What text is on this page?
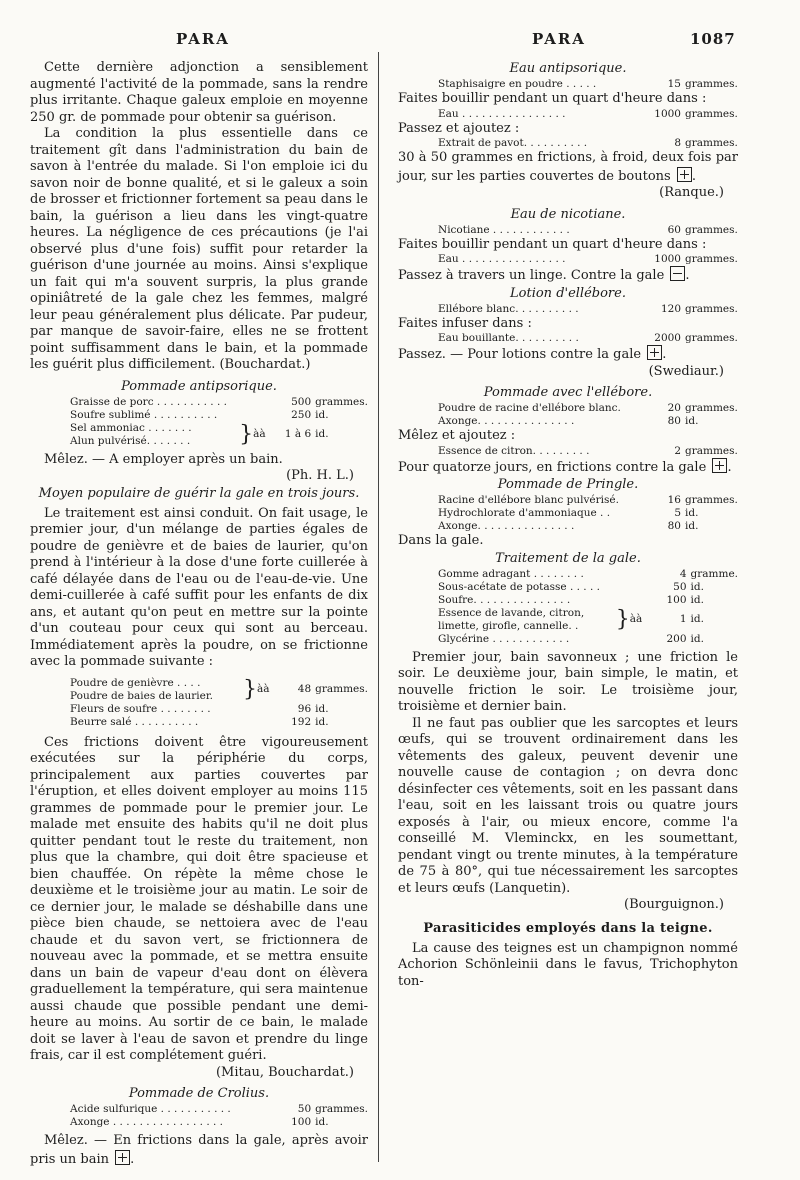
PARA	PARA	1087

Cette dernière adjonction a sensiblement augmenté l'activité de la pommade, sans la rendre plus irritante. Chaque galeux emploie en moyenne 250 gr. de pommade pour obtenir sa guérison.

La condition la plus essentielle dans ce traitement gît dans l'administration du bain de savon à l'entrée du malade. Si l'on emploie ici du savon noir de bonne qualité, et si le galeux a soin de brosser et frictionner fortement sa peau dans le bain, la guérison a lieu dans les vingt-quatre heures. La négligence de ces précautions (je l'ai observé plus d'une fois) suffit pour retarder la guérison d'une journée au moins. Ainsi s'explique un fait qui m'a souvent surpris, la plus grande opiniâtreté de la gale chez les femmes, malgré leur peau généralement plus délicate. Par pudeur, par manque de savoir-faire, elles ne se frottent point suffisamment dans le bain, et la pommade les guérit plus difficilement. (Bouchardat.)

Pommade antipsorique.

Graisse de porc . . . . . . . . . . .			500	grammes.
Soufre sublimé . . . . . . . . . .			250	id.
Sel ammoniac . . . . . . .	}	àà	1 à 6	id.
Alun pulvérisé. . . . . . .				

Mêlez. — A employer après un bain.

(Ph. H. L.)

Moyen populaire de guérir la gale en trois jours.

Le traitement est ainsi conduit. On fait usage, le premier jour, d'un mélange de parties égales de poudre de genièvre et de baies de laurier, qu'on prend à l'intérieur à la dose d'une forte cuillerée à café délayée dans de l'eau ou de l'eau-de-vie. Une demi-cuillerée à café suffit pour les enfants de dix ans, et autant qu'on peut en mettre sur la pointe d'un couteau pour ceux qui sont au berceau. Immédiatement après la poudre, on se frictionne avec la pommade suivante :

Poudre de genièvre . . . .	}	àà	48	grammes.
Poudre de baies de laurier.				
Fleurs de soufre . . . . . . . .			96	id.
Beurre salé . . . . . . . . . .			192	id.

Ces frictions doivent être vigoureusement exécutées sur la périphérie du corps, principalement aux parties couvertes par l'éruption, et elles doivent employer au moins 115 grammes de pommade pour le premier jour. Le malade met ensuite des habits qu'il ne doit plus quitter pendant tout le reste du traitement, non plus que la chambre, qui doit être spacieuse et bien chauffée. On répète la même chose le deuxième et le troisième jour au matin. Le soir de ce dernier jour, le malade se déshabille dans une pièce bien chaude, se nettoiera avec de l'eau chaude et du savon vert, se frictionnera de nouveau avec la pommade, et se mettra ensuite dans un bain de vapeur d'eau dont on élèvera graduellement la température, qui sera maintenue aussi chaude que possible pendant une demi-heure au moins. Au sortir de ce bain, le malade doit se laver à l'eau de savon et prendre du linge frais, car il est complétement guéri.

(Mitau, Bouchardat.)

Pommade de Crolius.

Acide sulfurique . . . . . . . . . . .	50	grammes.
Axonge . . . . . . . . . . . . . . . . .	100	id.

Mêlez. — En frictions dans la gale, après avoir pris un bain .

Eau antipsorique.

Staphisaigre en poudre . . . . .	15	grammes.

Faites bouillir pendant un quart d'heure dans :

Eau . . . . . . . . . . . . . . . .	1000	grammes.

Passez et ajoutez :

Extrait de pavot. . . . . . . . . .	8	grammes.

30 à 50 grammes en frictions, à froid, deux fois par jour, sur les parties couvertes de boutons .

(Ranque.)

Eau de nicotiane.

Nicotiane . . . . . . . . . . . .	60	grammes.

Faites bouillir pendant un quart d'heure dans :

Eau . . . . . . . . . . . . . . . .	1000	grammes.

Passez à travers un linge. Contre la gale .

Lotion d'ellébore.

Ellébore blanc. . . . . . . . . .	120	grammes.

Faites infuser dans :

Eau bouillante. . . . . . . . . .	2000	grammes.

Passez. — Pour lotions contre la gale .

(Swediaur.)

Pommade avec l'ellébore.

Poudre de racine d'ellébore blanc.	20	grammes.
Axonge. . . . . . . . . . . . . . .	80	id.

Mêlez et ajoutez :

Essence de citron. . . . . . . . .	2	grammes.

Pour quatorze jours, en frictions contre la gale .

Pommade de Pringle.

Racine d'ellébore blanc pulvérisé.	16	grammes.
Hydrochlorate d'ammoniaque . .	5	id.
Axonge. . . . . . . . . . . . . . .	80	id.

Dans la gale.

Traitement de la gale.

Gomme adragant . . . . . . . .			4	gramme.
Sous-acétate de potasse . . . . .			50	id.
Soufre. . . . . . . . . . . . . . .			100	id.
Essence de lavande, citron,	}	àà	1	id.
limette, girofle, cannelle. .				
Glycérine . . . . . . . . . . . .			200	id.

Premier jour, bain savonneux ; une friction le soir. Le deuxième jour, bain simple, le matin, et nouvelle friction le soir. Le troisième jour, troisième et dernier bain.

Il ne faut pas oublier que les sarcoptes et leurs œufs, qui se trouvent ordinairement dans les vêtements des galeux, peuvent devenir une nouvelle cause de contagion ; on devra donc désinfecter ces vêtements, soit en les passant dans l'eau, soit en les laissant trois ou quatre jours exposés à l'air, ou mieux encore, comme l'a conseillé M. Vleminckx, en les soumettant, pendant vingt ou trente minutes, à la température de 75 à 80°, qui tue nécessairement les sarcoptes et leurs œufs (Lanquetin).

(Bourguignon.)

Parasiticides employés dans la teigne.

La cause des teignes est un champignon nommé Achorion Schönleinii dans le favus, Trichophyton ton-
